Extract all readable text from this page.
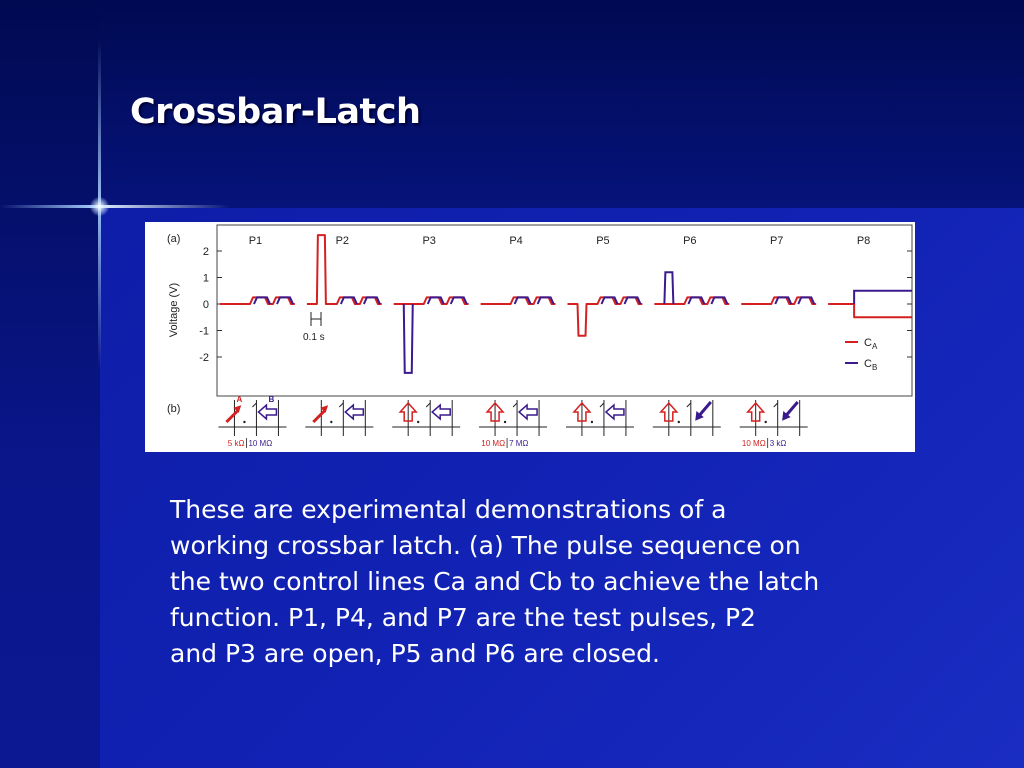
Crossbar-Latch
(a)
(b)
Voltage (V)
2
1
0
-1
-2
P1	P2	P3	P4	P5	P6	P7	P8
0.1 s	$C_A$
$C_B$
A	B
5 kΩ 10 MΩ	10 MΩ 7 MΩ	10 MΩ 3 kΩ
These are experimental demonstrations of a
working crossbar latch. (a) The pulse sequence on
the two control lines Ca and Cb to achieve the latch
function. P1, P4, and P7 are the test pulses, P2
and P3 are open, P5 and P6 are closed.
